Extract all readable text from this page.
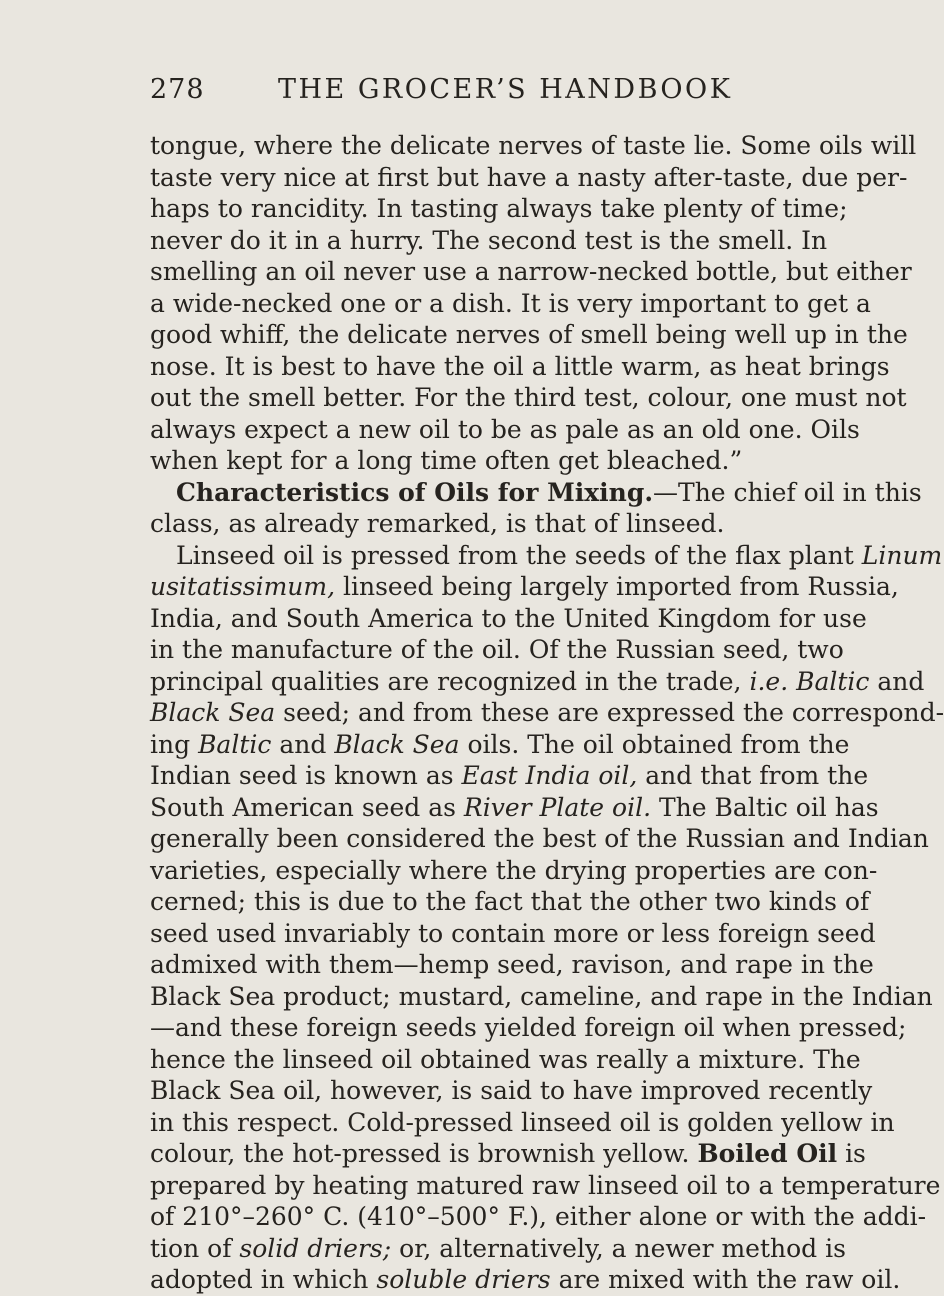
278	THE GROCER’S HANDBOOK
tongue, where the delicate nerves of taste lie. Some oils will
taste very nice at first but have a nasty after-taste, due per-
haps to rancidity. In tasting always take plenty of time;
never do it in a hurry. The second test is the smell. In
smelling an oil never use a narrow-necked bottle, but either
a wide-necked one or a dish. It is very important to get a
good whiff, the delicate nerves of smell being well up in the
nose. It is best to have the oil a little warm, as heat brings
out the smell better. For the third test, colour, one must not
always expect a new oil to be as pale as an old one. Oils
when kept for a long time often get bleached.”
Characteristics of Oils for Mixing.—The chief oil in this
class, as already remarked, is that of linseed.
Linseed oil is pressed from the seeds of the flax plant Linum
usitatissimum, linseed being largely imported from Russia,
India, and South America to the United Kingdom for use
in the manufacture of the oil. Of the Russian seed, two
principal qualities are recognized in the trade, i.e. Baltic and
Black Sea seed; and from these are expressed the correspond-
ing Baltic and Black Sea oils. The oil obtained from the
Indian seed is known as East India oil, and that from the
South American seed as River Plate oil. The Baltic oil has
generally been considered the best of the Russian and Indian
varieties, especially where the drying properties are con-
cerned; this is due to the fact that the other two kinds of
seed used invariably to contain more or less foreign seed
admixed with them—hemp seed, ravison, and rape in the
Black Sea product; mustard, cameline, and rape in the Indian
—and these foreign seeds yielded foreign oil when pressed;
hence the linseed oil obtained was really a mixture. The
Black Sea oil, however, is said to have improved recently
in this respect. Cold-pressed linseed oil is golden yellow in
colour, the hot-pressed is brownish yellow. Boiled Oil is
prepared by heating matured raw linseed oil to a temperature
of 210°–260° C. (410°–500° F.), either alone or with the addi-
tion of solid driers; or, alternatively, a newer method is
adopted in which soluble driers are mixed with the raw oil.
